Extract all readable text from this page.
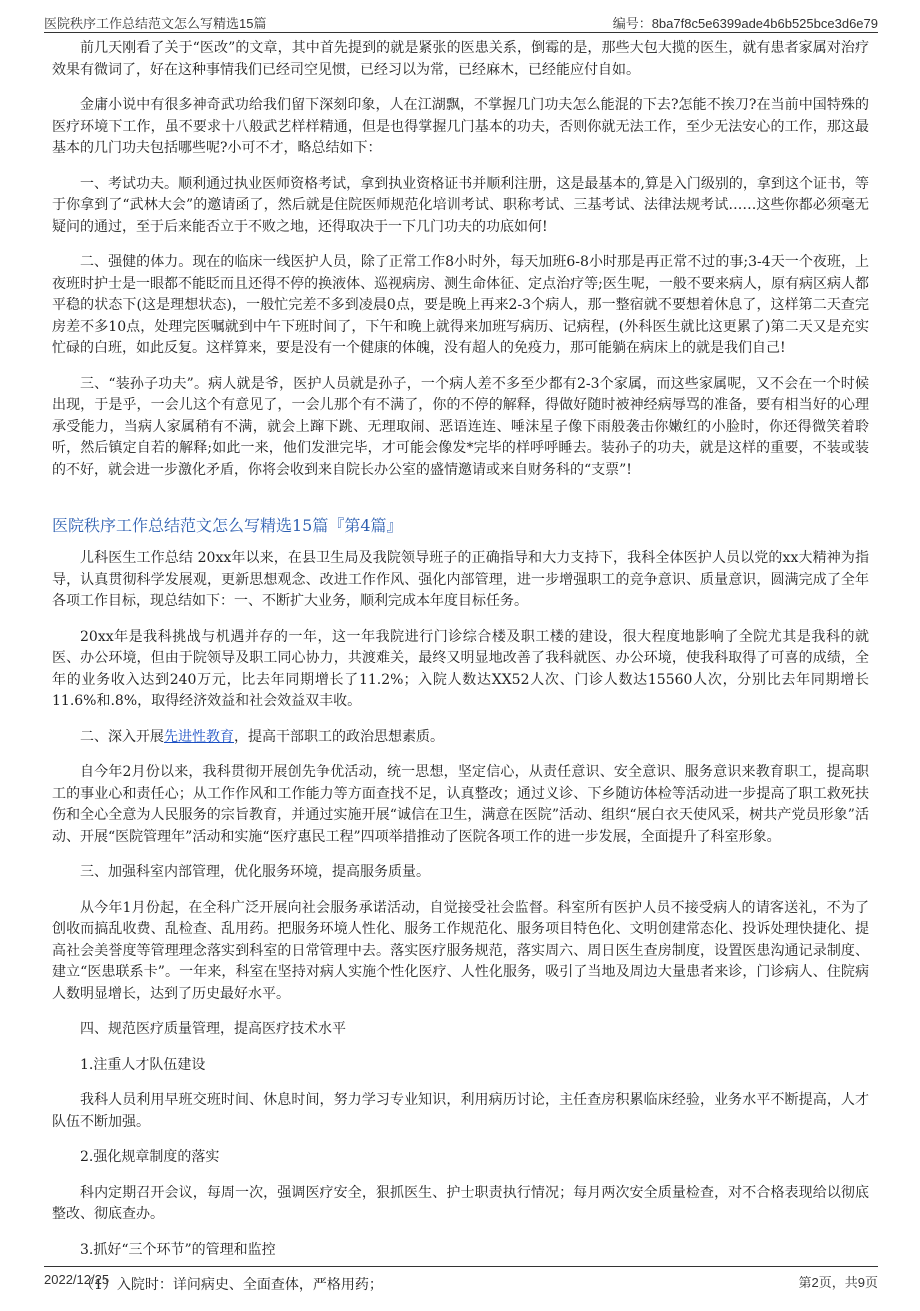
医院秩序工作总结范文怎么写精选15篇	编号：8ba7f8c5e6399ade4b6b525bce3d6e79

前几天刚看了关于“医改”的文章，其中首先提到的就是紧张的医患关系，倒霉的是，那些大包大揽的医生，就有患者家属对治疗效果有微词了，好在这种事情我们已经司空见惯，已经习以为常，已经麻木，已经能应付自如。

金庸小说中有很多神奇武功给我们留下深刻印象，人在江湖飘，不掌握几门功夫怎么能混的下去?怎能不挨刀?在当前中国特殊的医疗环境下工作，虽不要求十八般武艺样样精通，但是也得掌握几门基本的功夫，否则你就无法工作，至少无法安心的工作，那这最基本的几门功夫包括哪些呢?小可不才，略总结如下：

一、考试功夫。顺利通过执业医师资格考试，拿到执业资格证书并顺利注册，这是最基本的,算是入门级别的，拿到这个证书，等于你拿到了“武林大会”的邀请函了，然后就是住院医师规范化培训考试、职称考试、三基考试、法律法规考试……这些你都必须毫无疑问的通过，至于后来能否立于不败之地，还得取决于一下几门功夫的功底如何!

二、强健的体力。现在的临床一线医护人员，除了正常工作8小时外，每天加班6-8小时那是再正常不过的事;3-4天一个夜班，上夜班时护士是一眼都不能眨而且还得不停的换液体、巡视病房、测生命体征、定点治疗等;医生呢，一般不要来病人，原有病区病人都平稳的状态下(这是理想状态)，一般忙完差不多到凌晨0点，要是晚上再来2-3个病人，那一整宿就不要想着休息了，这样第二天查完房差不多10点，处理完医嘱就到中午下班时间了，下午和晚上就得来加班写病历、记病程，(外科医生就比这更累了)第二天又是充实忙碌的白班，如此反复。这样算来，要是没有一个健康的体魄，没有超人的免疫力，那可能躺在病床上的就是我们自己!

三、“装孙子功夫”。病人就是爷，医护人员就是孙子，一个病人差不多至少都有2-3个家属，而这些家属呢，又不会在一个时候出现，于是乎，一会儿这个有意见了，一会儿那个有不满了，你的不停的解释，得做好随时被神经病辱骂的准备，要有相当好的心理承受能力，当病人家属稍有不满，就会上蹿下跳、无理取闹、恶语连连、唾沫星子像下雨般袭击你嫩红的小脸时，你还得微笑着聆听，然后镇定自若的解释;如此一来，他们发泄完毕，才可能会像发*完毕的样呼呼睡去。装孙子的功夫，就是这样的重要，不装或装的不好，就会进一步激化矛盾，你将会收到来自院长办公室的盛情邀请或来自财务科的“支票”!

医院秩序工作总结范文怎么写精选15篇『第4篇』

儿科医生工作总结 20xx年以来，在县卫生局及我院领导班子的正确指导和大力支持下，我科全体医护人员以党的xx大精神为指导，认真贯彻科学发展观，更新思想观念、改进工作作风、强化内部管理，进一步增强职工的竞争意识、质量意识，圆满完成了全年各项工作目标，现总结如下：一、不断扩大业务，顺利完成本年度目标任务。

20xx年是我科挑战与机遇并存的一年，这一年我院进行门诊综合楼及职工楼的建设，很大程度地影响了全院尤其是我科的就医、办公环境，但由于院领导及职工同心协力，共渡难关，最终又明显地改善了我科就医、办公环境，使我科取得了可喜的成绩，全年的业务收入达到240万元，比去年同期增长了11.2%；入院人数达XX52人次、门诊人数达15560人次，分别比去年同期增长11.6%和.8%，取得经济效益和社会效益双丰收。

二、深入开展先进性教育，提高干部职工的政治思想素质。

自今年2月份以来，我科贯彻开展创先争优活动，统一思想，坚定信心，从责任意识、安全意识、服务意识来教育职工，提高职工的事业心和责任心；从工作作风和工作能力等方面查找不足，认真整改；通过义诊、下乡随访体检等活动进一步提高了职工救死扶伤和全心全意为人民服务的宗旨教育，并通过实施开展“诚信在卫生，满意在医院”活动、组织“展白衣天使风采，树共产党员形象”活动、开展“医院管理年”活动和实施“医疗惠民工程”四项举措推动了医院各项工作的进一步发展，全面提升了科室形象。

三、加强科室内部管理，优化服务环境，提高服务质量。

从今年1月份起，在全科广泛开展向社会服务承诺活动，自觉接受社会监督。科室所有医护人员不接受病人的请客送礼，不为了创收而搞乱收费、乱检查、乱用药。把服务环境人性化、服务工作规范化、服务项目特色化、文明创建常态化、投诉处理快捷化、提高社会美誉度等管理理念落实到科室的日常管理中去。落实医疗服务规范，落实周六、周日医生查房制度，设置医患沟通记录制度、建立“医患联系卡”。一年来，科室在坚持对病人实施个性化医疗、人性化服务，吸引了当地及周边大量患者来诊，门诊病人、住院病人数明显增长，达到了历史最好水平。

四、规范医疗质量管理，提高医疗技术水平

1.注重人才队伍建设

我科人员利用早班交班时间、休息时间，努力学习专业知识，利用病历讨论，主任查房积累临床经验，业务水平不断提高，人才队伍不断加强。

2.强化规章制度的落实

科内定期召开会议，每周一次，强调医疗安全，狠抓医生、护士职责执行情况；每月两次安全质量检查，对不合格表现给以彻底整改、彻底查办。

3.抓好“三个环节”的管理和监控

（1）入院时：详问病史、全面查体，严格用药；

2022/12/25	第2页，共9页
